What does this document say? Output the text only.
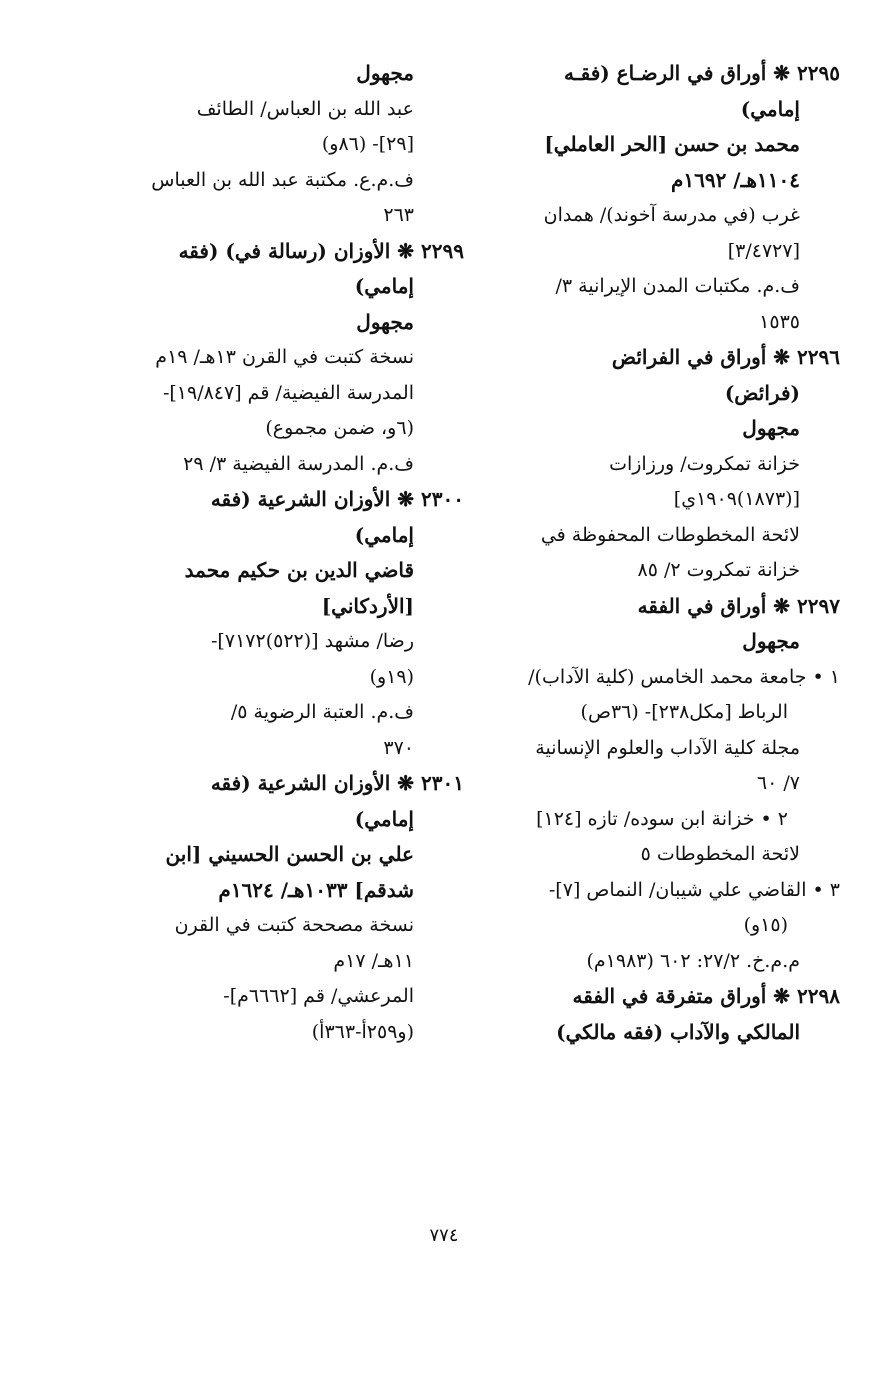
٢٢٩٥ ❋ أوراق في الرضـاع (فقـه
إمامي)
محمد بن حسن [الحر العاملي]
١١٠٤هـ/ ١٦٩٢م
غرب (في مدرسة آخوند)/ همدان
[٣/٤٧٢٧]
ف.م. مكتبات المدن الإيرانية ٣/
١٥٣٥
٢٢٩٦ ❋ أوراق في الفرائض
(فرائض)
مجهول
خزانة تمكروت/ ورزازات
[(١٨٧٣)١٩٠٩ي]
لائحة المخطوطات المحفوظة في
خزانة تمكروت ٢/ ٨٥
٢٢٩٧ ❋ أوراق في الفقه
مجهول
١ • جامعة محمد الخامس (كلية الآداب)/
الرباط [مكل٢٣٨]- (٣٦ص)
مجلة كلية الآداب والعلوم الإنسانية
٧/ ٦٠
٢ • خزانة ابن سوده/ تازه [١٢٤]
لائحة المخطوطات ٥
٣ • القاضي علي شيبان/ النماص [٧]-
(١٥و)
م.م.خ. ٢٧/٢: ٦٠٢ (١٩٨٣م)
٢٢٩٨ ❋ أوراق متفرقة في الفقه
المالكي والآداب (فقه مالكي)
مجهول
عبد الله بن العباس/ الطائف
[٢٩]- (٨٦و)
ف.م.ع. مكتبة عبد الله بن العباس
٢٦٣
٢٢٩٩ ❋ الأوزان (رسالة في) (فقه
إمامي)
مجهول
نسخة كتبت في القرن ١٣هـ/ ١٩م
المدرسة الفيضية/ قم [١٩/٨٤٧]-
(٦و، ضمن مجموع)
ف.م. المدرسة الفيضية ٣/ ٢٩
٢٣٠٠ ❋ الأوزان الشرعية (فقه
إمامي)
قاضي الدين بن حكيم محمد
[الأردكاني]
رضا/ مشهد [(٥٢٢)٧١٧٢]-
(١٩و)
ف.م. العتبة الرضوية ٥/
٣٧٠
٢٣٠١ ❋ الأوزان الشرعية (فقه
إمامي)
علي بن الحسن الحسيني [ابن
شدقم] ١٠٣٣هـ/ ١٦٢٤م
نسخة مصححة كتبت في القرن
١١هـ/ ١٧م
المرعشي/ قم [٦٦٦٢م]-
(و٢٥٩أ-٣٦٣أ)
٧٧٤
